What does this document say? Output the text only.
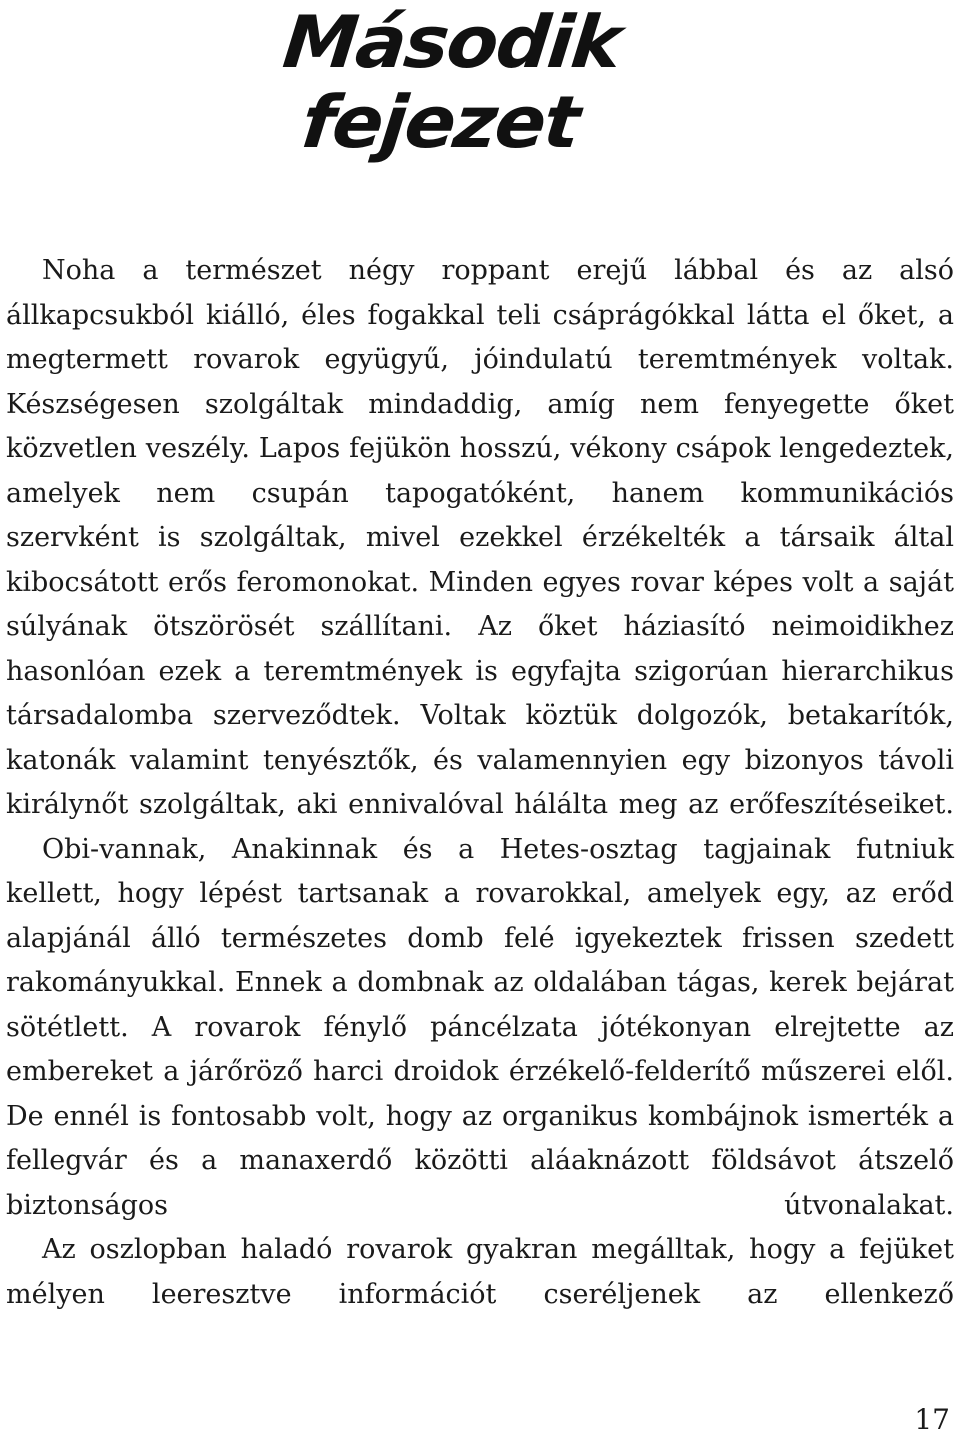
Második
fejezet

Noha a természet négy roppant erejű lábbal és az alsó állkapcsukból kiálló, éles fogakkal teli csáprágókkal látta el őket, a megtermett rovarok együgyű, jóindulatú teremtmények voltak. Készségesen szolgáltak mindaddig, amíg nem fenyegette őket közvetlen veszély. Lapos fejükön hosszú, vékony csápok lengedeztek, amelyek nem csupán tapogatóként, hanem kommunikációs szervként is szolgáltak, mivel ezekkel érzékelték a társaik által kibocsátott erős feromonokat. Minden egyes rovar képes volt a saját súlyának ötszörösét szállítani. Az őket háziasító neimoidikhez hasonlóan ezek a teremtmények is egyfajta szigorúan hierarchikus társadalomba szerveződtek. Voltak köztük dolgozók, betakarítók, katonák valamint tenyésztők, és valamennyien egy bizonyos távoli királynőt szolgáltak, aki ennivalóval hálálta meg az erőfeszítéseiket.

Obi-vannak, Anakinnak és a Hetes-osztag tagjainak futniuk kellett, hogy lépést tartsanak a rovarokkal, amelyek egy, az erőd alapjánál álló természetes domb felé igyekeztek frissen szedett rakományukkal. Ennek a dombnak az oldalában tágas, kerek bejárat sötétlett. A rovarok fénylő páncélzata jótékonyan elrejtette az embereket a járőröző harci droidok érzékelő-felderítő műszerei elől. De ennél is fontosabb volt, hogy az organikus kombájnok ismerték a fellegvár és a manaxerdő közötti aláaknázott földsávot átszelő biztonságos útvonalakat.

Az oszlopban haladó rovarok gyakran megálltak, hogy a fejüket mélyen leeresztve információt cseréljenek az ellenkező

17
